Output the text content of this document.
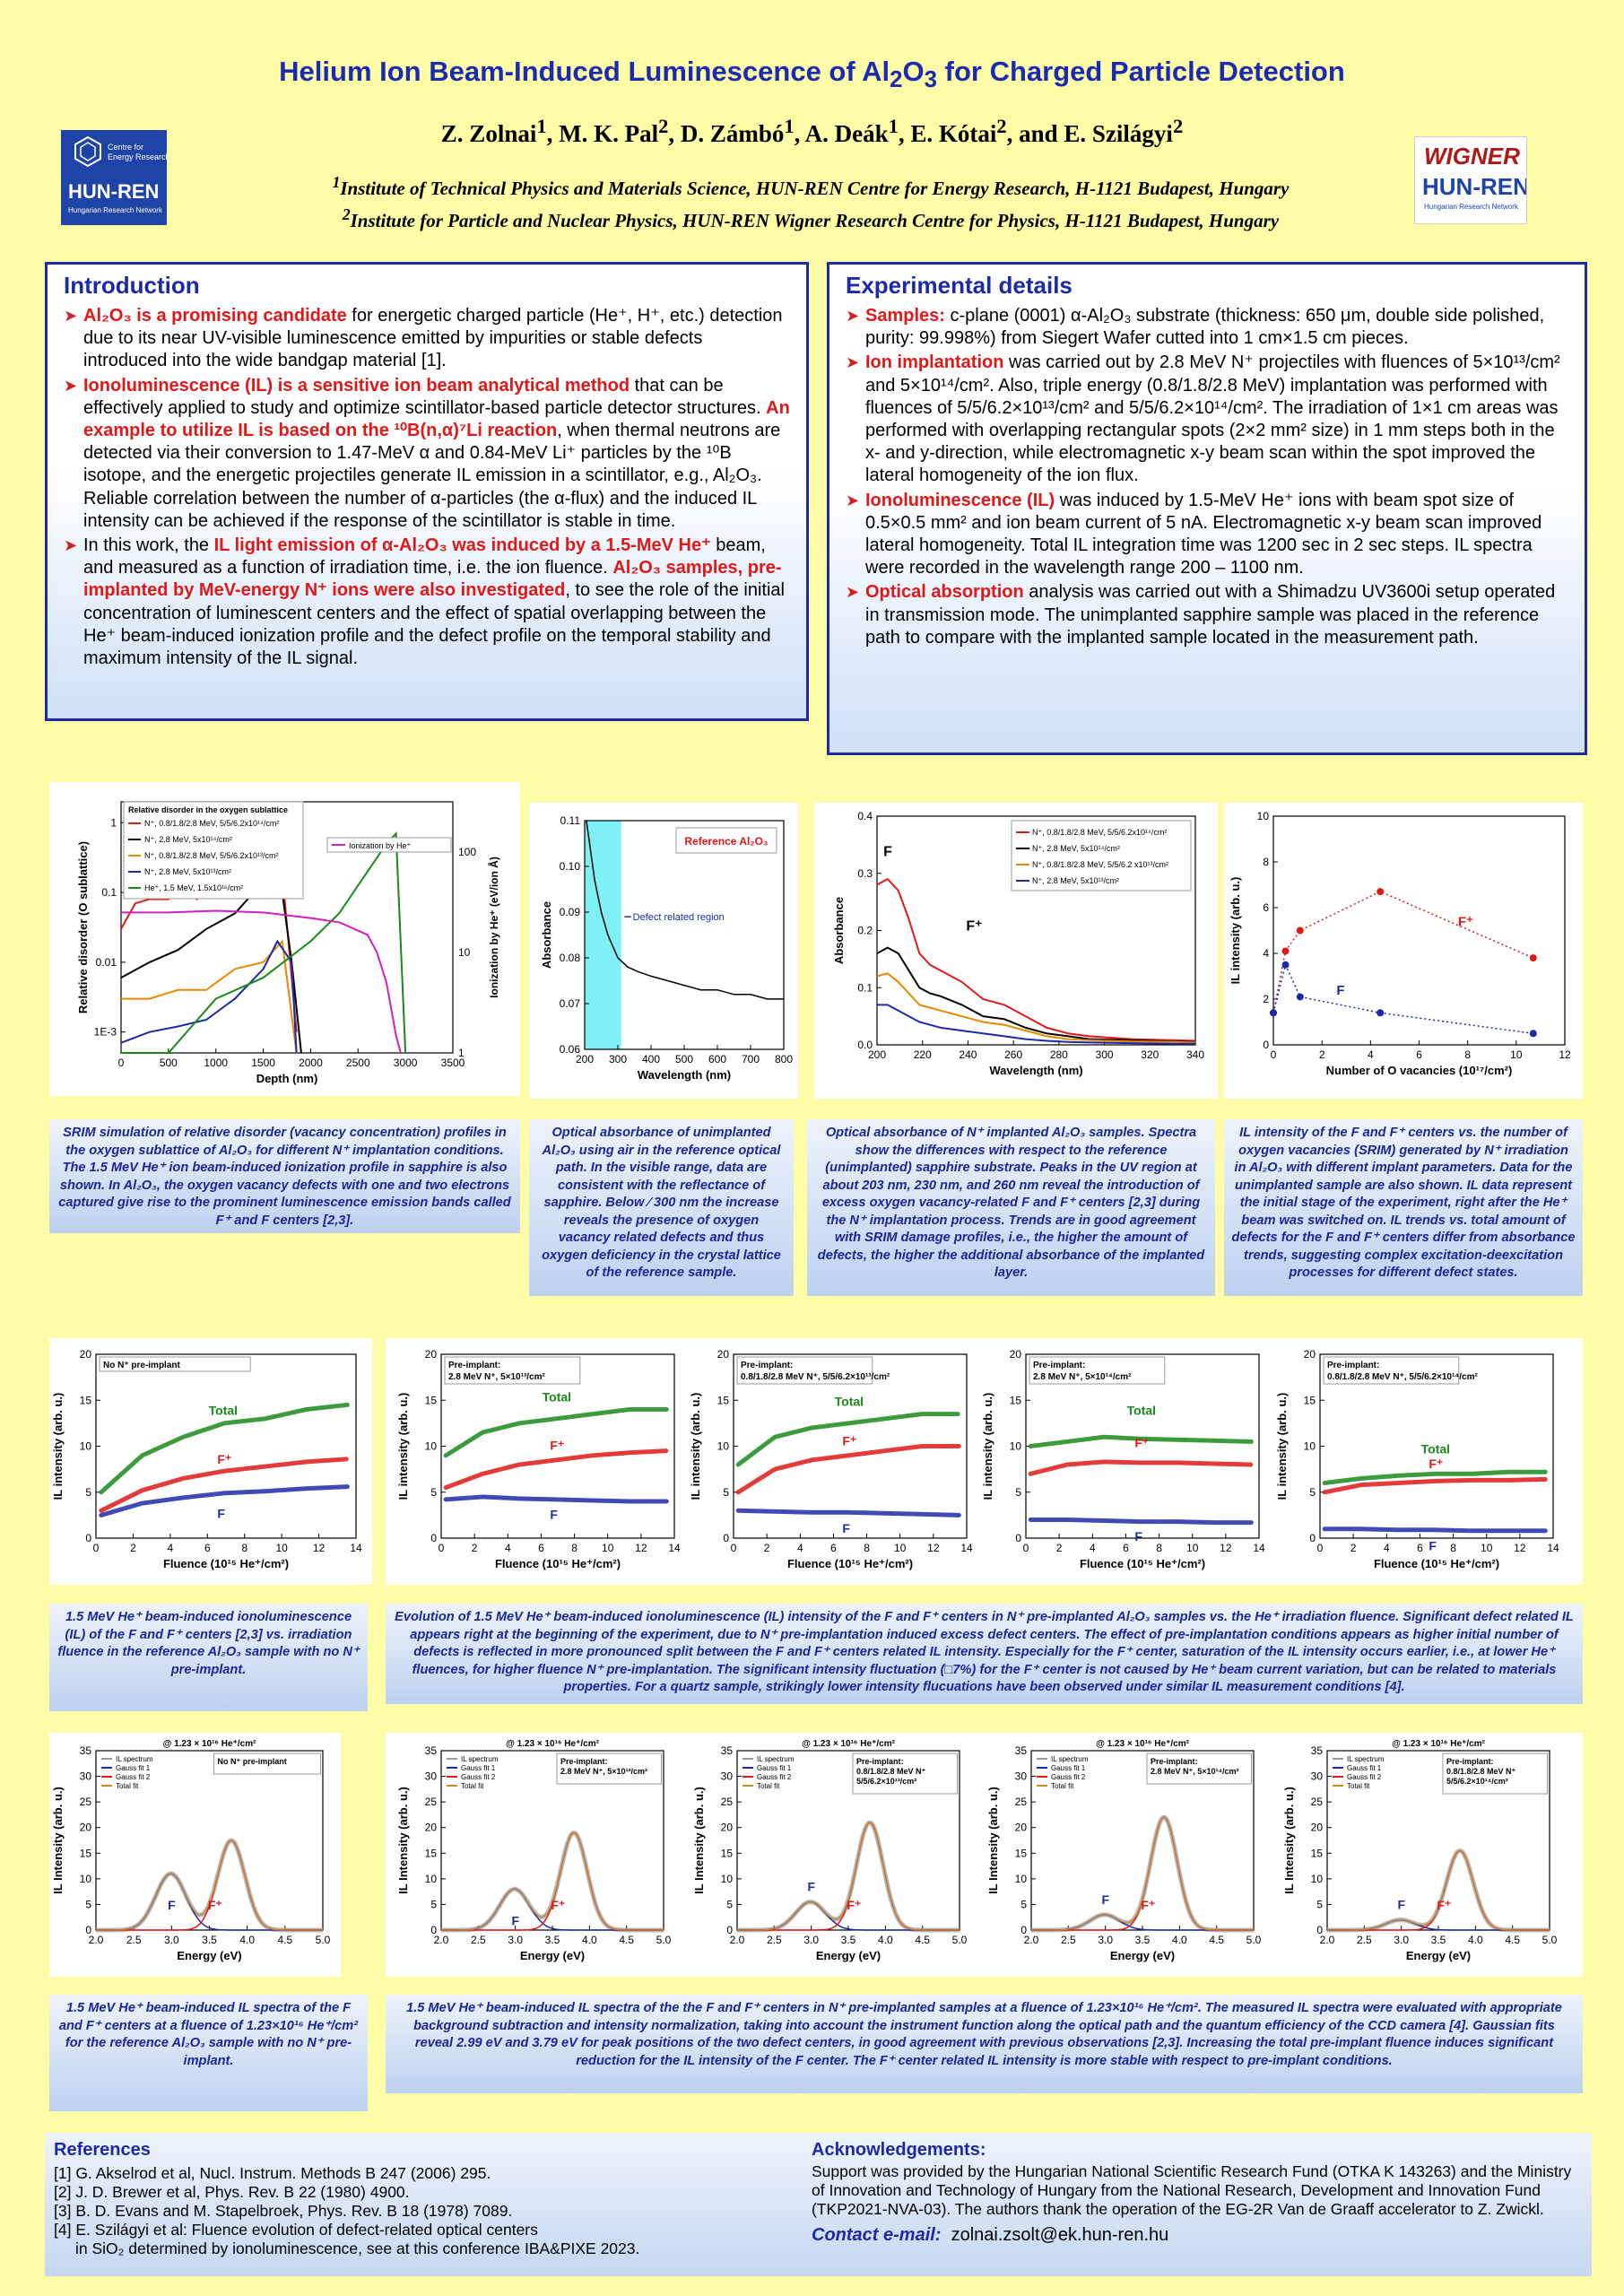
Helium Ion Beam-Induced Luminescence of $Al_2O_3$ for Charged Particle Detection
Z. Zolnai$^1$, M. K. Pal$^2$, D. Zámbó$^1$, A. Deák$^1$, E. Kótai$^2$, and E. Szilágyi$^2$
$^1$Institute of Technical Physics and Materials Science, HUN-REN Centre for Energy Research, H-1121 Budapest, Hungary
$^2$Institute for Particle and Nuclear Physics, HUN-REN Wigner Research Centre for Physics, H-1121 Budapest, Hungary
Centre for
Energy Research
HUN-REN
Hungarian Research Network
WIGNER
HUN-REN
Hungarian Research Network
Introduction
➤ Al₂O₃ is a promising candidate for energetic charged particle (He⁺, H⁺, etc.) detection due to its near UV-visible luminescence emitted by impurities or stable defects introduced into the wide bandgap material [1].
➤ Ionoluminescence (IL) is a sensitive ion beam analytical method that can be effectively applied to study and optimize scintillator-based particle detector structures. An example to utilize IL is based on the ¹⁰B(n,α)⁷Li reaction, when thermal neutrons are detected via their conversion to 1.47-MeV α and 0.84-MeV Li⁺ particles by the ¹⁰B isotope, and the energetic projectiles generate IL emission in a scintillator, e.g., Al₂O₃. Reliable correlation between the number of α-particles (the α-flux) and the induced IL intensity can be achieved if the response of the scintillator is stable in time.
➤ In this work, the IL light emission of α-Al₂O₃ was induced by a 1.5-MeV He⁺ beam, and measured as a function of irradiation time, i.e. the ion fluence. Al₂O₃ samples, pre-implanted by MeV-energy N⁺ ions were also investigated, to see the role of the initial concentration of luminescent centers and the effect of spatial overlapping between the He⁺ beam-induced ionization profile and the defect profile on the temporal stability and maximum intensity of the IL signal.
Experimental details
➤ Samples: c-plane (0001) α-Al₂O₃ substrate (thickness: 650 μm, double side polished, purity: 99.998%) from Siegert Wafer cutted into 1 cm×1.5 cm pieces.
➤ Ion implantation was carried out by 2.8 MeV N⁺ projectiles with fluences of 5×10¹³/cm² and 5×10¹⁴/cm². Also, triple energy (0.8/1.8/2.8 MeV) implantation was performed with fluences of 5/5/6.2×10¹³/cm² and 5/5/6.2×10¹⁴/cm². The irradiation of 1×1 cm areas was performed with overlapping rectangular spots (2×2 mm² size) in 1 mm steps both in the x- and y-direction, while electromagnetic x-y beam scan within the spot improved the lateral homogeneity of the ion flux.
➤ Ionoluminescence (IL) was induced by 1.5-MeV He⁺ ions with beam spot size of 0.5×0.5 mm² and ion beam current of 5 nA. Electromagnetic x-y beam scan improved lateral homogeneity. Total IL integration time was 1200 sec in 2 sec steps. IL spectra were recorded in the wavelength range 200 – 1100 nm.
➤ Optical absorption analysis was carried out with a Shimadzu UV3600i setup operated in transmission mode. The unimplanted sapphire sample was placed in the reference path to compare with the implanted sample located in the measurement path.
0	500 1000 1500 2000 2500 3000 3500
Depth (nm)
Relative disorder (O sublattice)
1
0.1
0.01
1E-3
100
10
1
Ionization by He⁺ (eV/ion Å)
Relative disorder in the oxygen sublattice
N⁺, 0.8/1.8/2.8 MeV, 5/5/6.2x10¹⁴/cm²
N⁺, 2.8 MeV, 5x10¹⁴/cm²
N⁺, 0.8/1.8/2.8 MeV, 5/5/6.2x10¹³/cm²
N⁺, 2.8 MeV, 5x10¹³/cm²
He⁺, 1.5 MeV, 1.5x10¹⁶/cm²
Ionization by He⁺
200 300 400 500 600 700 800
0.06
0.07
0.08
0.09
0.10
0.11
Wavelength (nm)
Absorbance
Reference Al₂O₃
Defect related region
200	220	240	260	280	300	320	340
0.0
0.1
0.2
0.3
0.4
Wavelength (nm)
Absorbance
F
F⁺
N⁺, 0.8/1.8/2.8 MeV, 5/5/6.2x10¹⁴/cm²
N⁺, 2.8 MeV, 5x10¹⁴/cm²
N⁺, 0.8/1.8/2.8 MeV, 5/5/6.2 x10¹³/cm²
N⁺, 2.8 MeV, 5x10¹³/cm²
0	2	4	6	8	10	12
0
2
4
6
8
10
Number of O vacancies (10¹⁷/cm²)
IL intensity (arb. u.)	F⁺
F
SRIM simulation of relative disorder (vacancy concentration) profiles in the oxygen sublattice of Al₂O₃ for different N⁺ implantation conditions. The 1.5 MeV He⁺ ion beam-induced ionization profile in sapphire is also shown. In Al₂O₃, the oxygen vacancy defects with one and two electrons captured give rise to the prominent luminescence emission bands called F⁺ and F centers [2,3].
Optical absorbance of unimplanted Al₂O₃ using air in the reference optical path. In the visible range, data are consistent with the reflectance of sapphire. Below ⁄ 300 nm the increase reveals the presence of oxygen vacancy related defects and thus oxygen deficiency in the crystal lattice of the reference sample.
Optical absorbance of N⁺ implanted Al₂O₃ samples. Spectra show the differences with respect to the reference (unimplanted) sapphire substrate. Peaks in the UV region at about 203 nm, 230 nm, and 260 nm reveal the introduction of excess oxygen vacancy-related F and F⁺ centers [2,3] during the N⁺ implantation process. Trends are in good agreement with SRIM damage profiles, i.e., the higher the amount of defects, the higher the additional absorbance of the implanted layer.
IL intensity of the F and F⁺ centers vs. the number of oxygen vacancies (SRIM) generated by N⁺ irradiation in Al₂O₃ with different implant parameters. Data for the unimplanted sample are also shown. IL data represent the initial stage of the experiment, right after the He⁺ beam was switched on. IL trends vs. total amount of defects for the F and F⁺ centers differ from absorbance trends, suggesting complex excitation-deexcitation processes for different defect states.
0	2	4	6	8	10 12 14
0
5
10
15
20
Fluence (10¹⁵ He⁺/cm²)
IL intensity (arb. u.)	Total
F⁺
F
No N⁺ pre-implant
0	2	4	6	8 10 12 14
0
5
10
15
20
Fluence (10¹⁵ He⁺/cm²)
IL intensity (arb. u.)	Total
F⁺
F
Pre-implant:
2.8 MeV N⁺, 5×10¹³/cm²
0	2	4	6	8 10 12 14
0
5
10
15
20
Fluence (10¹⁵ He⁺/cm²)
IL intensity (arb. u.)	Total
F⁺
F
Pre-implant:
0.8/1.8/2.8 MeV N⁺, 5/5/6.2×10¹³/cm²
0	2	4	6	8 10 12 14
0
5
10
15
20
Fluence (10¹⁵ He⁺/cm²)
IL intensity (arb. u.)	Total
F⁺
F
Pre-implant:
2.8 MeV N⁺, 5×10¹⁴/cm²
0	2	4	6	8 10 12 14
0
5
10
15
20
Fluence (10¹⁵ He⁺/cm²)
IL intensity (arb. u.)	Total
F⁺
F
Pre-implant:
0.8/1.8/2.8 MeV N⁺, 5/5/6.2×10¹⁴/cm²
1.5 MeV He⁺ beam-induced ionoluminescence (IL) of the F and F⁺ centers [2,3] vs. irradiation fluence in the reference Al₂O₃ sample with no N⁺ pre-implant.
Evolution of 1.5 MeV He⁺ beam-induced ionoluminescence (IL) intensity of the F and F⁺ centers in N⁺ pre-implanted Al₂O₃ samples vs. the He⁺ irradiation fluence. Significant defect related IL appears right at the beginning of the experiment, due to N⁺ pre-implantation induced excess defect centers. The effect of pre-implantation conditions appears as higher initial number of defects is reflected in more pronounced split between the F and F⁺ centers related IL intensity. Especially for the F⁺ center, saturation of the IL intensity occurs earlier, i.e., at lower He⁺ fluences, for higher fluence N⁺ pre-implantation. The significant intensity fluctuation (□7%) for the F⁺ center is not caused by He⁺ beam current variation, but can be related to materials properties. For a quartz sample, strikingly lower intensity flucuations have been observed under similar IL measurement conditions [4].
2.0 2.5 3.0 3.5 4.0 4.5 5.0
0
5
10
15
20
25
30
35
Energy (eV)
IL Intensity (arb. u.)
@ 1.23 × 10¹⁶ He⁺/cm²
F	F⁺
IL spectrum
Gauss fit 1
Gauss fit 2
Total fit
No N⁺ pre-implant
2.0 2.5 3.0 3.5 4.0 4.5 5.0
0
5
10
15
20
25
30
35
Energy (eV)
IL Intensity (arb. u.)
@ 1.23 × 10¹⁶ He⁺/cm²
F
F⁺
IL spectrum
Gauss fit 1
Gauss fit 2
Total fit
Pre-implant:
2.8 MeV N⁺, 5×10¹³/cm²
2.0 2.5 3.0 3.5 4.0 4.5 5.0
0
5
10
15
20
25
30
35
Energy (eV)
IL Intensity (arb. u.)
@ 1.23 × 10¹⁶ He⁺/cm²
F
F⁺
IL spectrum
Gauss fit 1
Gauss fit 2
Total fit
Pre-implant:
0.8/1.8/2.8 MeV N⁺
5/5/6.2×10¹³/cm²
2.0 2.5 3.0 3.5 4.0 4.5 5.0
0
5
10
15
20
25
30
35
Energy (eV)
IL Intensity (arb. u.)
@ 1.23 × 10¹⁶ He⁺/cm²
F	F⁺
IL spectrum
Gauss fit 1
Gauss fit 2
Total fit
Pre-implant:
2.8 MeV N⁺, 5×10¹⁴/cm²
2.0 2.5 3.0 3.5 4.0 4.5 5.0
0
5
10
15
20
25
30
35
Energy (eV)
IL Intensity (arb. u.)
@ 1.23 × 10¹⁶ He⁺/cm²
F	F⁺
IL spectrum
Gauss fit 1
Gauss fit 2
Total fit
Pre-implant:
0.8/1.8/2.8 MeV N⁺
5/5/6.2×10¹⁴/cm²
1.5 MeV He⁺ beam-induced IL spectra of the F and F⁺ centers at a fluence of 1.23×10¹⁶ He⁺/cm² for the reference Al₂O₃ sample with no N⁺ pre-implant.
1.5 MeV He⁺ beam-induced IL spectra of the the F and F⁺ centers in N⁺ pre-implanted samples at a fluence of 1.23×10¹⁶ He⁺/cm². The measured IL spectra were evaluated with appropriate background subtraction and intensity normalization, taking into account the instrument function along the optical path and the quantum efficiency of the CCD camera [4]. Gaussian fits reveal 2.99 eV and 3.79 eV for peak positions of the two defect centers, in good agreement with previous observations [2,3]. Increasing the total pre-implant fluence induces significant reduction for the IL intensity of the F center. The F⁺ center related IL intensity is more stable with respect to pre-implant conditions.
References
[1] G. Akselrod et al, Nucl. Instrum. Methods B 247 (2006) 295.
[2] J. D. Brewer et al, Phys. Rev. B 22 (1980) 4900.
[3] B. D. Evans and M. Stapelbroek, Phys. Rev. B 18 (1978) 7089.
[4] E. Szilágyi et al: Fluence evolution of defect-related optical centers
in SiO₂ determined by ionoluminescence, see at this conference IBA&PIXE 2023.
Acknowledgements:

Support was provided by the Hungarian National Scientific Research Fund (OTKA K 143263) and the Ministry of Innovation and Technology of Hungary from the National Research, Development and Innovation Fund (TKP2021-NVA-03). The authors thank the operation of the EG-2R Van de Graaff accelerator to Z. Zwickl.

Contact e-mail: zolnai.zsolt@ek.hun-ren.hu
